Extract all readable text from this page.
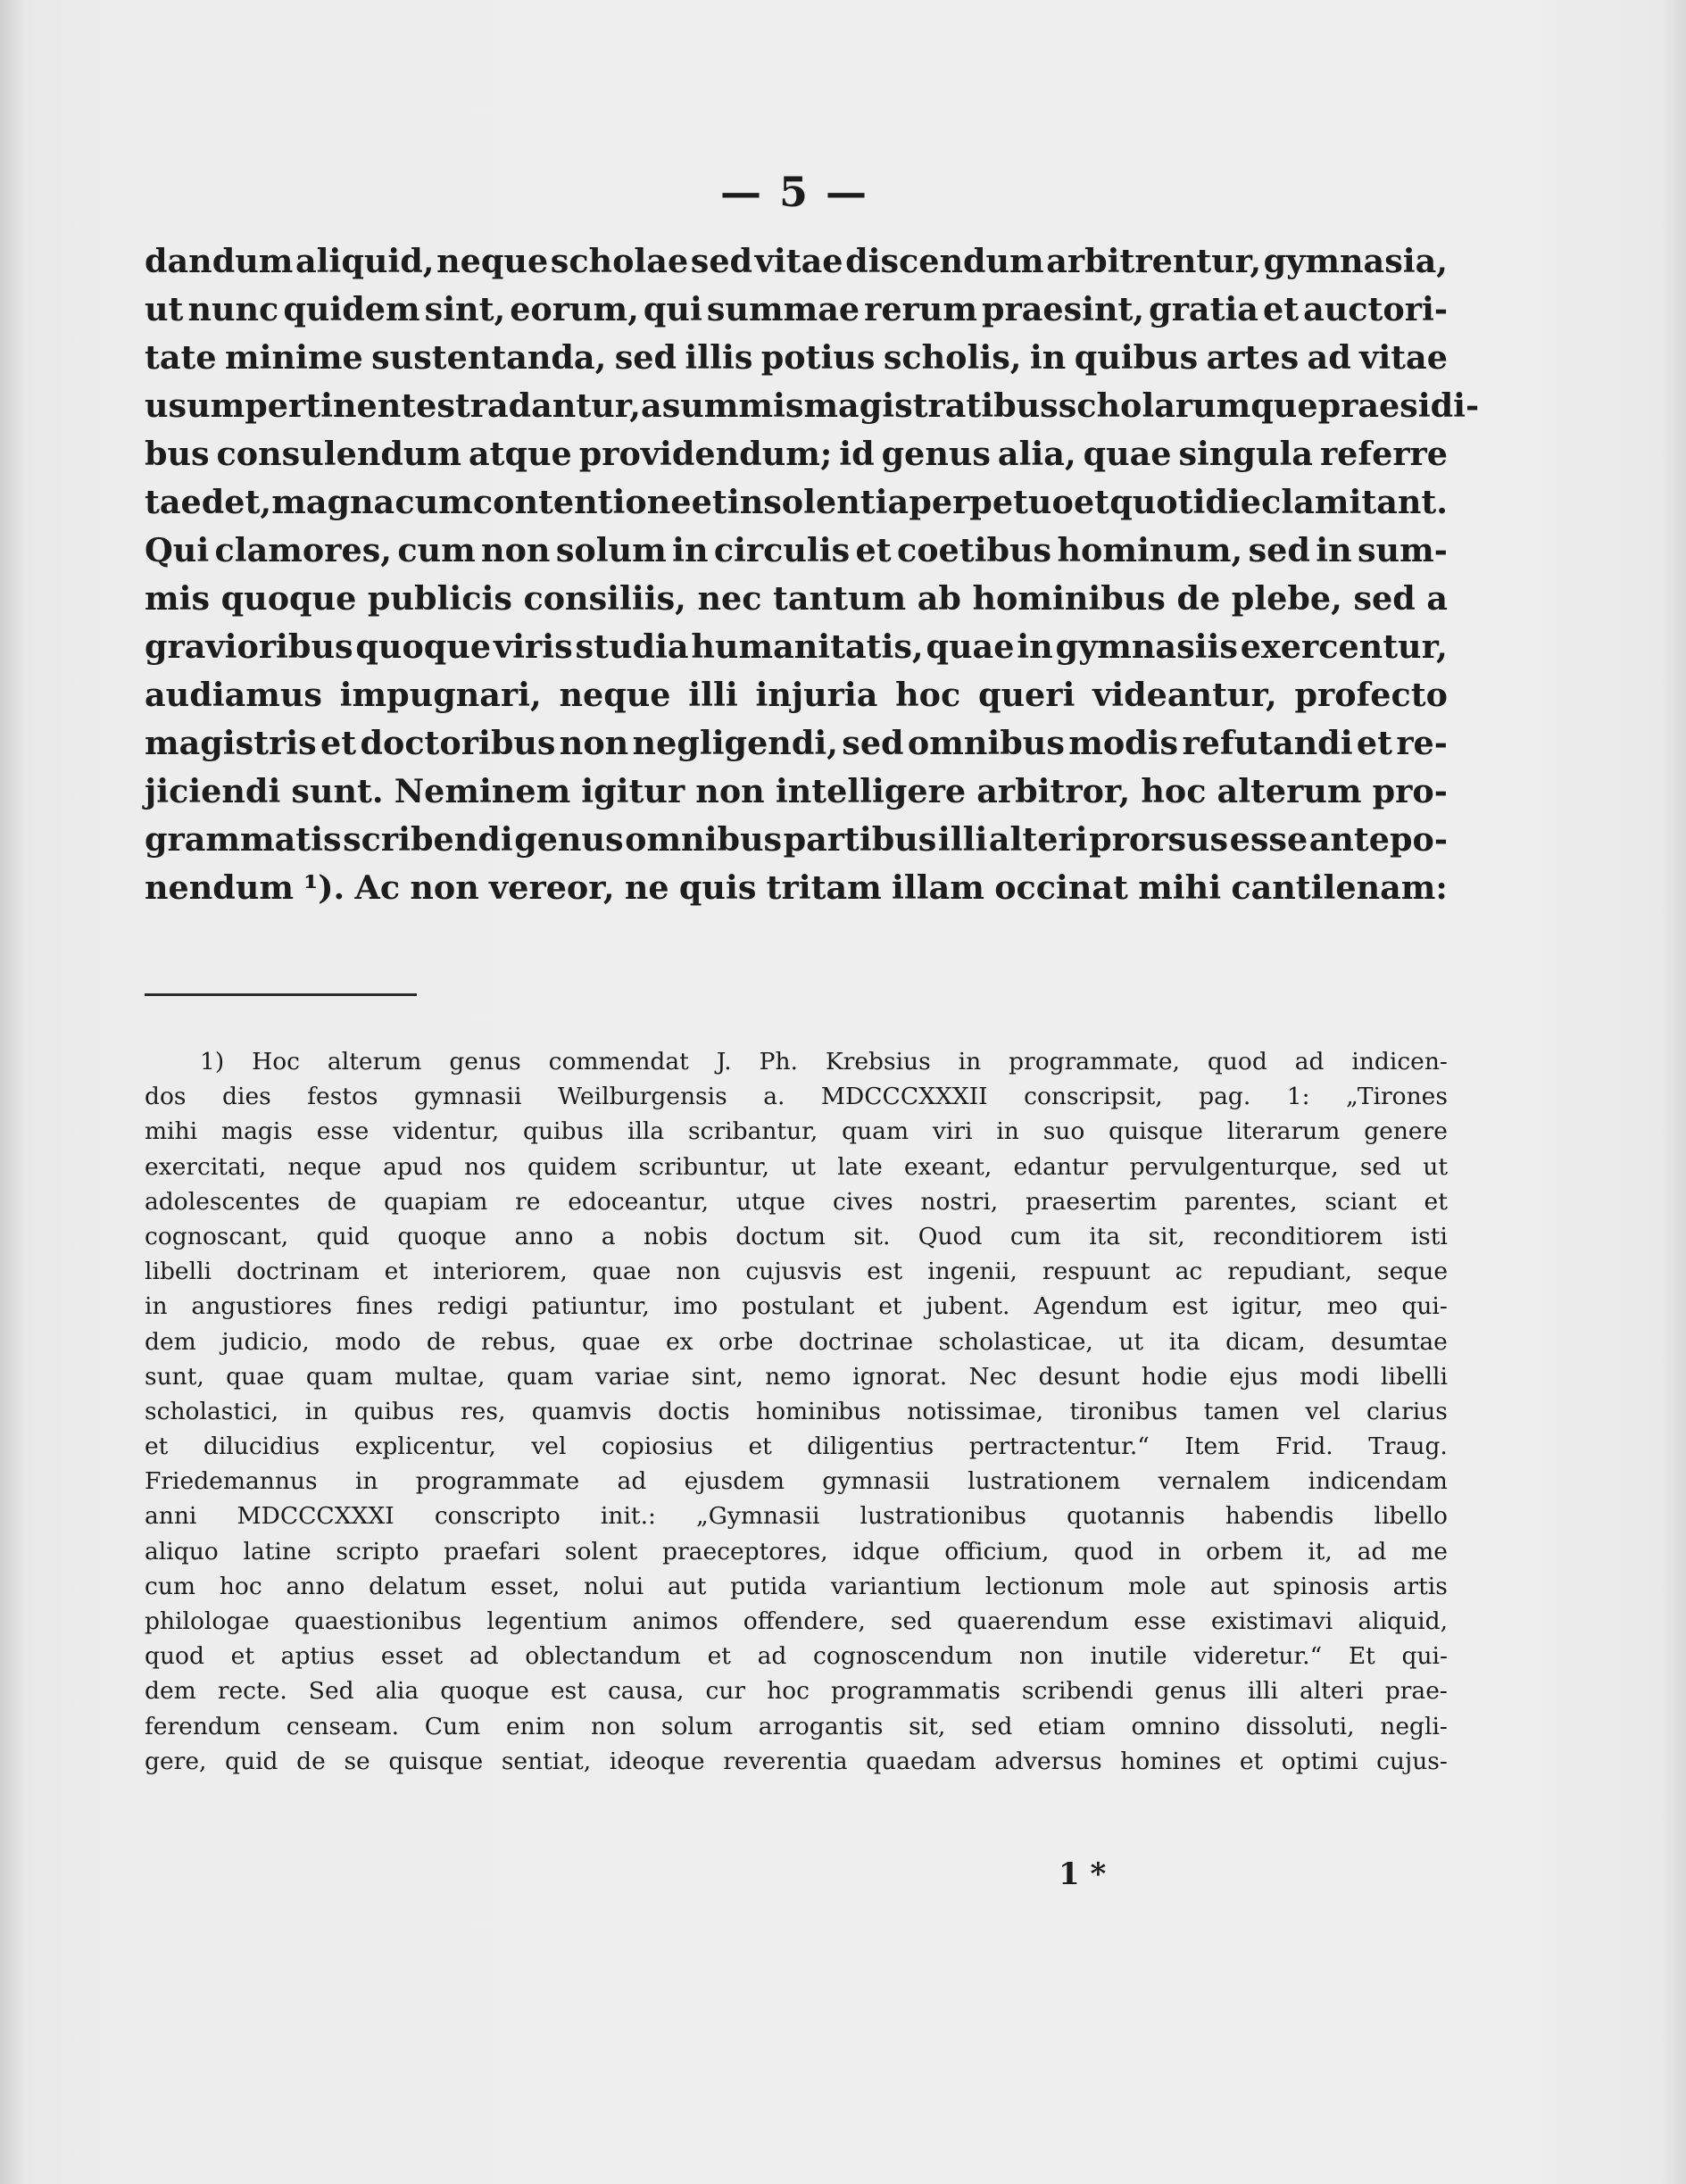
— 5 —
dandum aliquid, neque scholae sed vitae discendum arbitrentur, gymnasia,
ut nunc quidem sint, eorum, qui summae rerum praesint, gratia et auctori-
tate minime sustentanda, sed illis potius scholis, in quibus artes ad vitae
usum pertinentes tradantur, a summis magistratibus scholarumque praesidi-
bus consulendum atque providendum; id genus alia, quae singula referre
taedet, magna cum contentione et insolentia perpetuo et quotidie clamitant.
Qui clamores, cum non solum in circulis et coetibus hominum, sed in sum-
mis quoque publicis consiliis, nec tantum ab hominibus de plebe, sed a
gravioribus quoque viris studia humanitatis, quae in gymnasiis exercentur,
audiamus impugnari, neque illi injuria hoc queri videantur, profecto
magistris et doctoribus non negligendi, sed omnibus modis refutandi et re-
jiciendi sunt. Neminem igitur non intelligere arbitror, hoc alterum pro-
grammatis scribendi genus omnibus partibus illi alteri prorsus esse antepo-
nendum ¹). Ac non vereor, ne quis tritam illam occinat mihi cantilenam:
1) Hoc alterum genus commendat J. Ph. Krebsius in programmate, quod ad indicen-
dos dies festos gymnasii Weilburgensis a. MDCCCXXXII conscripsit, pag. 1: „Tirones
mihi magis esse videntur, quibus illa scribantur, quam viri in suo quisque literarum genere
exercitati, neque apud nos quidem scribuntur, ut late exeant, edantur pervulgenturque, sed ut
adolescentes de quapiam re edoceantur, utque cives nostri, praesertim parentes, sciant et
cognoscant, quid quoque anno a nobis doctum sit. Quod cum ita sit, reconditiorem isti
libelli doctrinam et interiorem, quae non cujusvis est ingenii, respuunt ac repudiant, seque
in angustiores fines redigi patiuntur, imo postulant et jubent. Agendum est igitur, meo qui-
dem judicio, modo de rebus, quae ex orbe doctrinae scholasticae, ut ita dicam, desumtae
sunt, quae quam multae, quam variae sint, nemo ignorat. Nec desunt hodie ejus modi libelli
scholastici, in quibus res, quamvis doctis hominibus notissimae, tironibus tamen vel clarius
et dilucidius explicentur, vel copiosius et diligentius pertractentur.“ Item Frid. Traug.
Friedemannus in programmate ad ejusdem gymnasii lustrationem vernalem indicendam
anni MDCCCXXXI conscripto init.: „Gymnasii lustrationibus quotannis habendis libello
aliquo latine scripto praefari solent praeceptores, idque officium, quod in orbem it, ad me
cum hoc anno delatum esset, nolui aut putida variantium lectionum mole aut spinosis artis
philologae quaestionibus legentium animos offendere, sed quaerendum esse existimavi aliquid,
quod et aptius esset ad oblectandum et ad cognoscendum non inutile videretur.“ Et qui-
dem recte. Sed alia quoque est causa, cur hoc programmatis scribendi genus illi alteri prae-
ferendum censeam. Cum enim non solum arrogantis sit, sed etiam omnino dissoluti, negli-
gere, quid de se quisque sentiat, ideoque reverentia quaedam adversus homines et optimi cujus-
1 *
